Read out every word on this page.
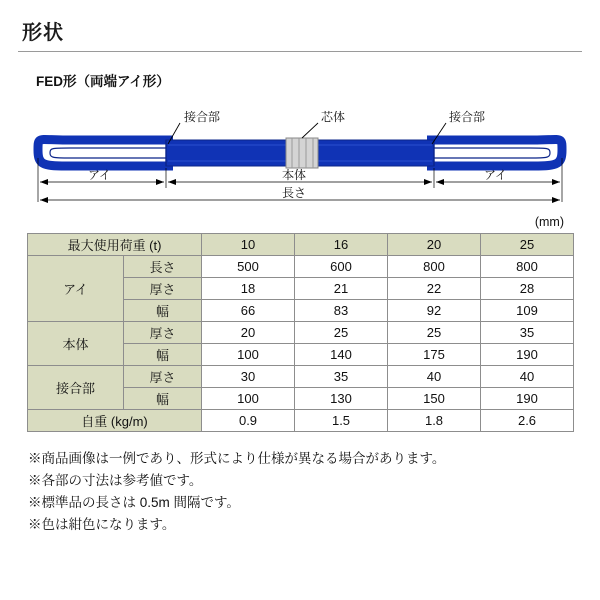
形状
FED形（両端アイ形）
接合部	芯体	接合部
アイ	本体	アイ
長さ
(mm)
最大使用荷重 (t)		10	16	20	25
アイ	長さ	500	600	800	800
	厚さ	18	21	22	28
	幅	66	83	92	109
本体	厚さ	20	25	25	35
	幅	100	140	175	190
接合部	厚さ	30	35	40	40
	幅	100	130	150	190
自重 (kg/m)		0.9	1.5	1.8	2.6
※商品画像は一例であり、形式により仕様が異なる場合があります。
※各部の寸法は参考値です。
※標準品の長さは 0.5m 間隔です。
※色は紺色になります。
